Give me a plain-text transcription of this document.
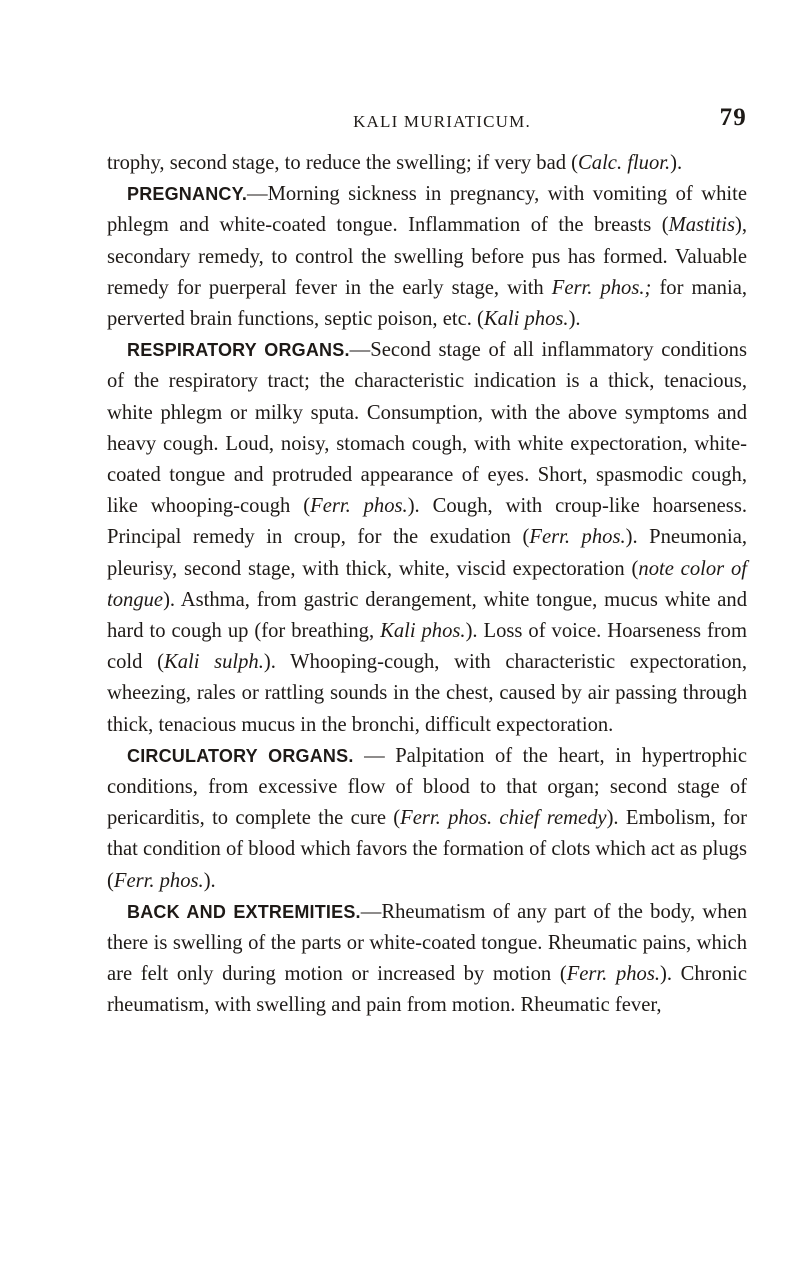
KALI MURIATICUM.	79

trophy, second stage, to reduce the swelling; if very bad (Calc. fluor.).

PREGNANCY.—Morning sickness in pregnancy, with vomiting of white phlegm and white-coated tongue. Inflammation of the breasts (Mastitis), secondary remedy, to control the swelling before pus has formed. Valuable remedy for puerperal fever in the early stage, with Ferr. phos.; for mania, perverted brain functions, septic poison, etc. (Kali phos.).

RESPIRATORY ORGANS.—Second stage of all inflammatory conditions of the respiratory tract; the characteristic indication is a thick, tenacious, white phlegm or milky sputa. Consumption, with the above symptoms and heavy cough. Loud, noisy, stomach cough, with white expectoration, white-coated tongue and protruded appearance of eyes. Short, spasmodic cough, like whooping-cough (Ferr. phos.). Cough, with croup-like hoarseness. Principal remedy in croup, for the exudation (Ferr. phos.). Pneumonia, pleurisy, second stage, with thick, white, viscid expectoration (note color of tongue). Asthma, from gastric derangement, white tongue, mucus white and hard to cough up (for breathing, Kali phos.). Loss of voice. Hoarseness from cold (Kali sulph.). Whooping-cough, with characteristic expectoration, wheezing, rales or rattling sounds in the chest, caused by air passing through thick, tenacious mucus in the bronchi, difficult expectoration.

CIRCULATORY ORGANS. — Palpitation of the heart, in hypertrophic conditions, from excessive flow of blood to that organ; second stage of pericarditis, to complete the cure (Ferr. phos. chief remedy). Embolism, for that condition of blood which favors the formation of clots which act as plugs (Ferr. phos.).

BACK AND EXTREMITIES.—Rheumatism of any part of the body, when there is swelling of the parts or white-coated tongue. Rheumatic pains, which are felt only during motion or increased by motion (Ferr. phos.). Chronic rheumatism, with swelling and pain from motion. Rheumatic fever,
